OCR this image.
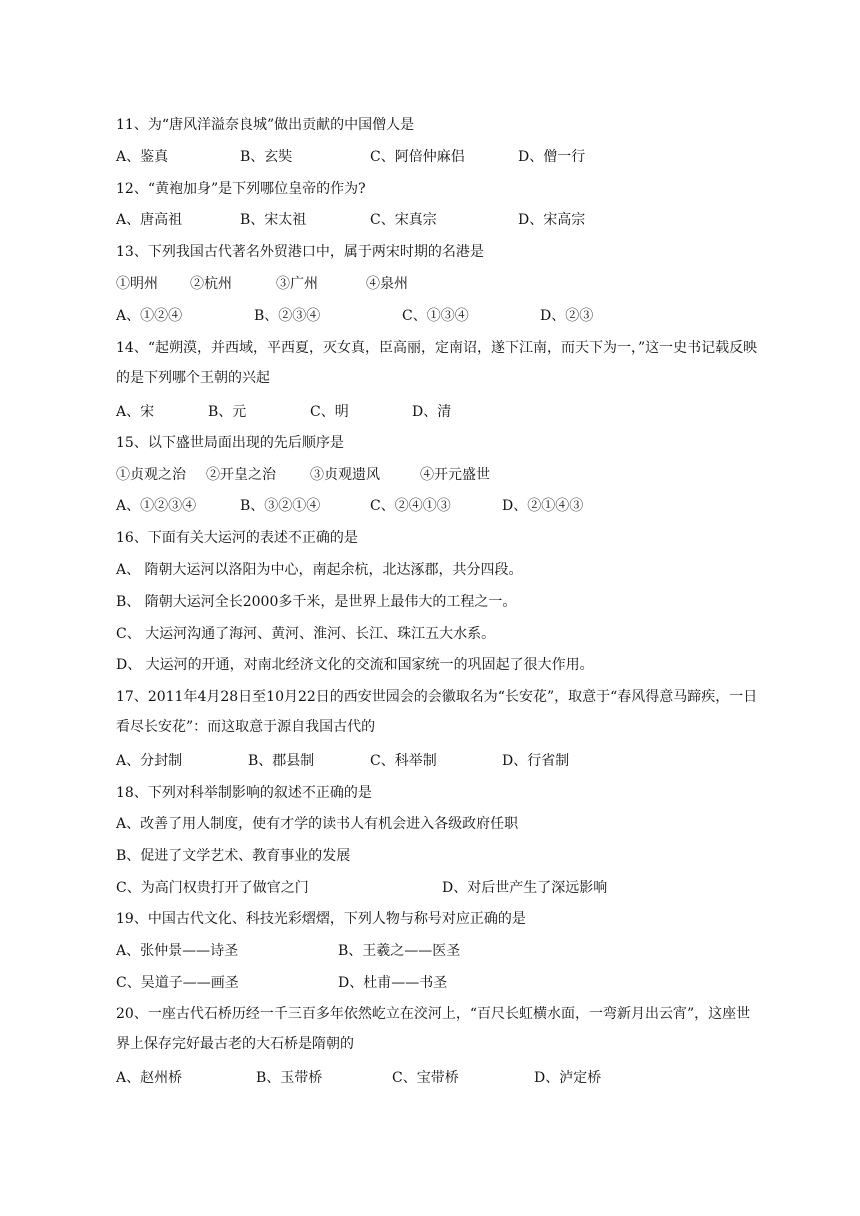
11、为“唐风洋溢奈良城”做出贡献的中国僧人是
A、鉴真	B、玄奘	C、阿倍仲麻侣	D、僧一行
12、“黄袍加身”是下列哪位皇帝的作为?
A、唐高祖	B、宋太祖	C、宋真宗	D、宋高宗
13、下列我国古代著名外贸港口中，属于两宋时期的名港是
①明州 ②杭州	③广州	④泉州
A、①②④	B、②③④	C、①③④	D、②③
14、“起朔漠，并西域，平西夏，灭女真，臣高丽，定南诏，遂下江南，而天下为一，”这一史书记载反映的是下列哪个王朝的兴起
A、宋	B、元	C、明	D、清
15、以下盛世局面出现的先后顺序是
①贞观之治 ②开皇之治 ③贞观遗风	④开元盛世
A、①②③④	B、③②①④	C、②④①③	D、②①④③
16、下面有关大运河的表述不正确的是
A、 隋朝大运河以洛阳为中心，南起余杭，北达涿郡，共分四段。
B、 隋朝大运河全长2000多千米，是世界上最伟大的工程之一。
C、 大运河沟通了海河、黄河、淮河、长江、珠江五大水系。
D、 大运河的开通，对南北经济文化的交流和国家统一的巩固起了很大作用。
17、2011年4月28日至10月22日的西安世园会的会徽取名为“长安花”，取意于“春风得意马蹄疾，一日看尽长安花”：而这取意于源自我国古代的
A、分封制	B、郡县制	C、科举制	D、行省制
18、下列对科举制影响的叙述不正确的是
A、改善了用人制度，使有才学的读书人有机会进入各级政府任职
B、促进了文学艺术、教育事业的发展
C、为高门权贵打开了做官之门	D、对后世产生了深远影响
19、中国古代文化、科技光彩熠熠，下列人物与称号对应正确的是
A、张仲景——诗圣	B、王羲之——医圣
C、吴道子——画圣	D、杜甫——书圣
20、一座古代石桥历经一千三百多年依然屹立在洨河上，“百尺长虹横水面，一弯新月出云宵”，这座世界上保存完好最古老的大石桥是隋朝的
A、赵州桥	B、玉带桥	C、宝带桥	D、泸定桥
